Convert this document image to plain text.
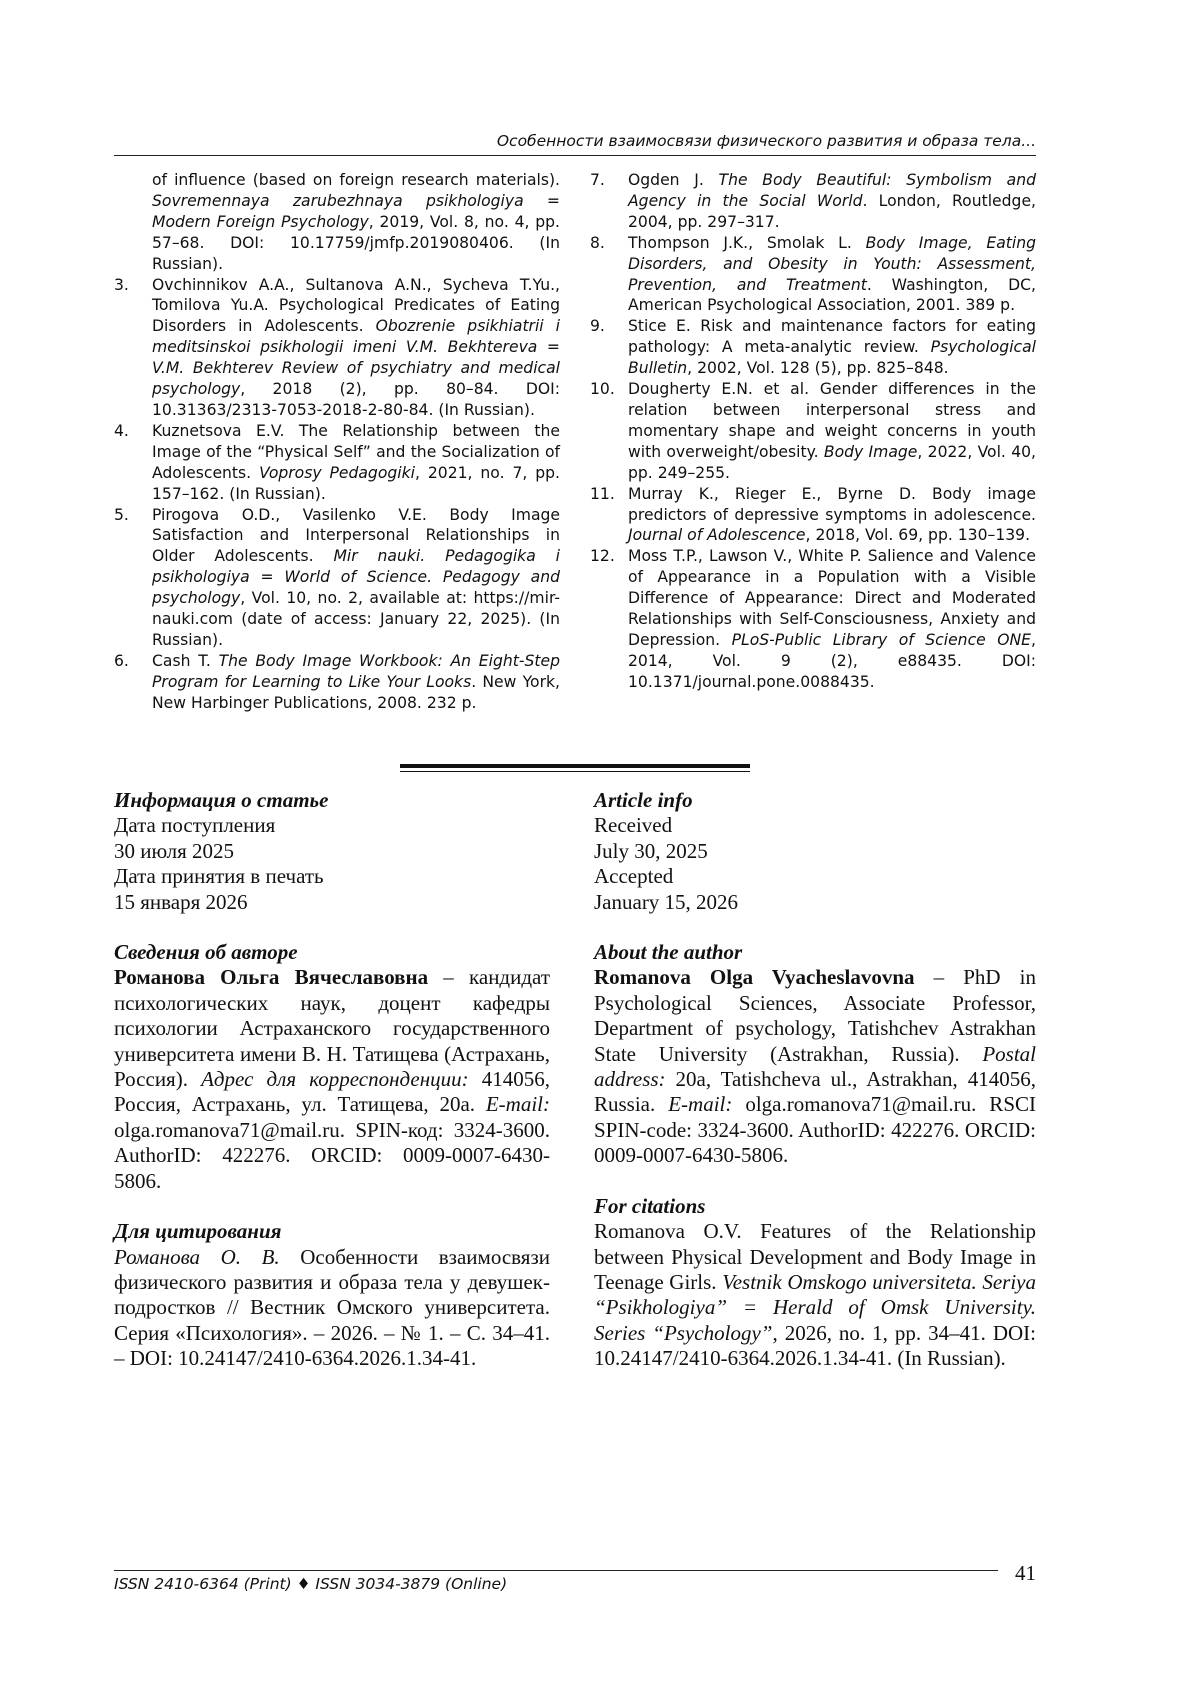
Особенности взаимосвязи физического развития и образа тела...
of influence (based on foreign research materials). Sovremennaya zarubezhnaya psikhologiya = Modern Foreign Psychology, 2019, Vol. 8, no. 4, pp. 57–68. DOI: 10.17759/jmfp.2019080406. (In Russian).
3. Ovchinnikov A.A., Sultanova A.N., Sycheva T.Yu., Tomilova Yu.A. Psychological Predicates of Eating Disorders in Adolescents. Obozrenie psikhiatrii i meditsinskoi psikhologii imeni V.M. Bekhtereva = V.M. Bekhterev Review of psychiatry and medical psychology, 2018 (2), pp. 80–84. DOI: 10.31363/2313-7053-2018-2-80-84. (In Russian).
4. Kuznetsova E.V. The Relationship between the Image of the “Physical Self” and the Socialization of Adolescents. Voprosy Pedagogiki, 2021, no. 7, pp. 157–162. (In Russian).
5. Pirogova O.D., Vasilenko V.E. Body Image Satisfaction and Interpersonal Relationships in Older Adolescents. Mir nauki. Pedagogika i psikhologiya = World of Science. Pedagogy and psychology, Vol. 10, no. 2, available at: https://mir-nauki.com (date of access: January 22, 2025). (In Russian).
6. Cash T. The Body Image Workbook: An Eight-Step Program for Learning to Like Your Looks. New York, New Harbinger Publications, 2008. 232 p.
7. Ogden J. The Body Beautiful: Symbolism and Agency in the Social World. London, Routledge, 2004, pp. 297–317.
8. Thompson J.K., Smolak L. Body Image, Eating Disorders, and Obesity in Youth: Assessment, Prevention, and Treatment. Washington, DC, American Psychological Association, 2001. 389 p.
9. Stice E. Risk and maintenance factors for eating pathology: A meta-analytic review. Psychological Bulletin, 2002, Vol. 128 (5), pp. 825–848.
10. Dougherty E.N. et al. Gender differences in the relation between interpersonal stress and momentary shape and weight concerns in youth with overweight/obesity. Body Image, 2022, Vol. 40, pp. 249–255.
11. Murray K., Rieger E., Byrne D. Body image predictors of depressive symptoms in adolescence. Journal of Adolescence, 2018, Vol. 69, pp. 130–139.
12. Moss T.P., Lawson V., White P. Salience and Valence of Appearance in a Population with a Visible Difference of Appearance: Direct and Moderated Relationships with Self-Consciousness, Anxiety and Depression. PLoS-Public Library of Science ONE, 2014, Vol. 9 (2), e88435. DOI: 10.1371/journal.pone.0088435.

Информация о статье

Дата поступления

30 июля 2025

Дата принятия в печать

15 января 2026

Сведения об авторе

Романова Ольга Вячеславовна – кандидат психологических наук, доцент кафедры психологии Астраханского государственного университета имени В. Н. Татищева (Астрахань, Россия). Адрес для корреспонденции: 414056, Россия, Астрахань, ул. Татищева, 20а. E-mail: olga.romanova71@mail.ru. SPIN-код: 3324-3600. AuthorID: 422276. ORCID: 0009-0007-6430-5806.

Для цитирования

Романова О. В. Особенности взаимосвязи физического развития и образа тела у девушек-подростков // Вестник Омского университета. Серия «Психология». – 2026. – № 1. – С. 34–41. – DOI: 10.24147/2410-6364.2026.1.34-41.

Article info

Received

July 30, 2025

Accepted

January 15, 2026

About the author

Romanova Olga Vyacheslavovna – PhD in Psychological Sciences, Associate Professor, Department of psychology, Tatishchev Astrakhan State University (Astrakhan, Russia). Postal address: 20a, Tatishcheva ul., Astrakhan, 414056, Russia. E-mail: olga.romanova71@mail.ru. RSCI SPIN-code: 3324-3600. AuthorID: 422276. ORCID: 0009-0007-6430-5806.

For citations

Romanova O.V. Features of the Relationship between Physical Development and Body Image in Teenage Girls. Vestnik Omskogo universiteta. Seriya “Psikhologiya” = Herald of Omsk University. Series “Psychology”, 2026, no. 1, pp. 34–41. DOI: 10.24147/2410-6364.2026.1.34-41. (In Russian).

ISSN 2410-6364 (Print) ♦ ISSN 3034-3879 (Online)	41
